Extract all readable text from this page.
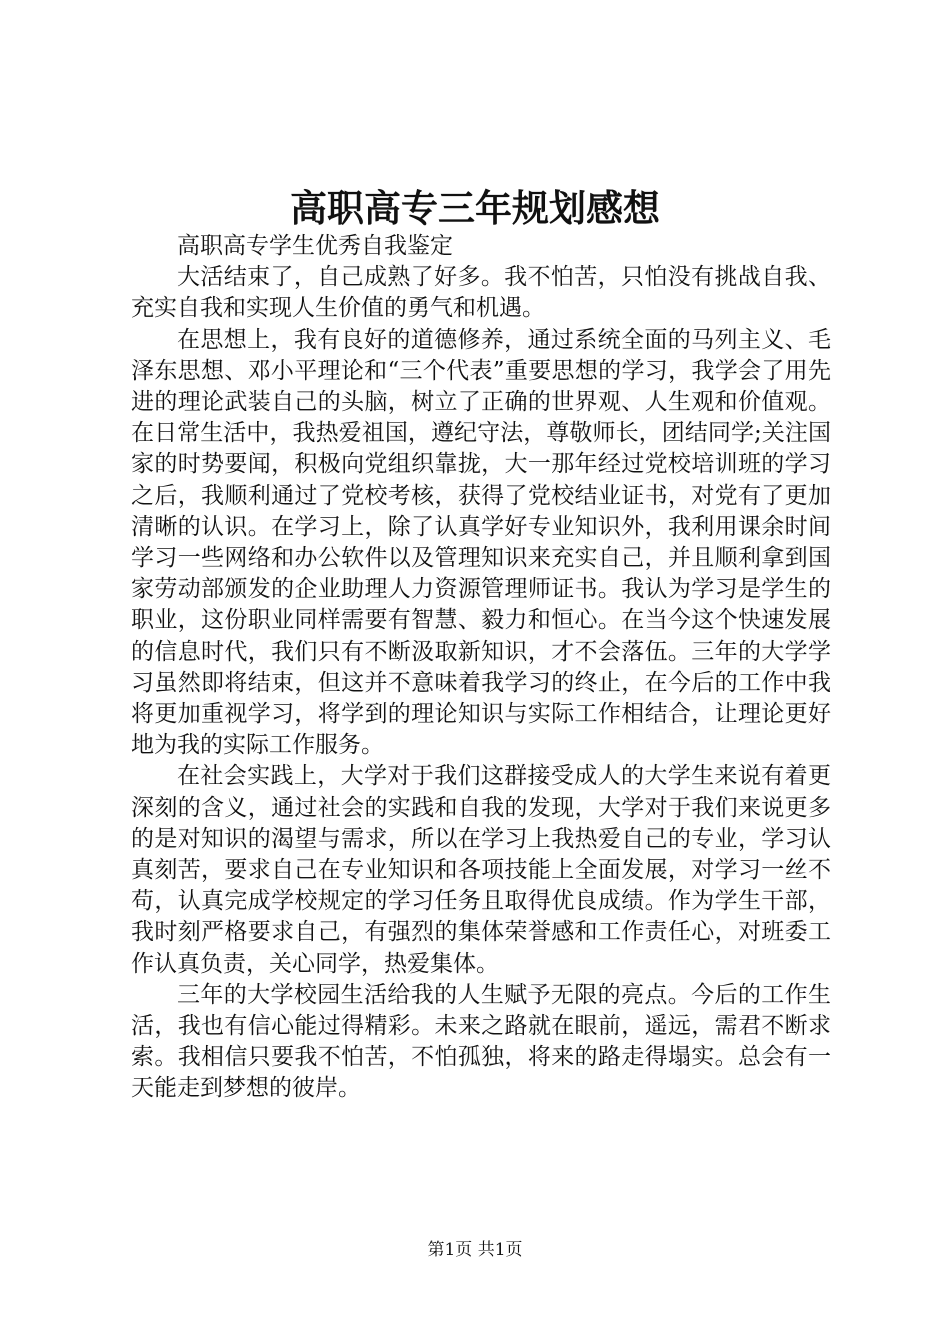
高职高专三年规划感想

高职高专学生优秀自我鉴定

大活结束了，自己成熟了好多。我不怕苦，只怕没有挑战自我、充实自我和实现人生价值的勇气和机遇。

在思想上，我有良好的道德修养，通过系统全面的马列主义、毛泽东思想、邓小平理论和“三个代表”重要思想的学习，我学会了用先进的理论武装自己的头脑，树立了正确的世界观、人生观和价值观。在日常生活中，我热爱祖国，遵纪守法，尊敬师长，团结同学;关注国家的时势要闻，积极向党组织靠拢，大一那年经过党校培训班的学习之后，我顺利通过了党校考核，获得了党校结业证书，对党有了更加清晰的认识。在学习上，除了认真学好专业知识外，我利用课余时间学习一些网络和办公软件以及管理知识来充实自己，并且顺利拿到国家劳动部颁发的企业助理人力资源管理师证书。我认为学习是学生的职业，这份职业同样需要有智慧、毅力和恒心。在当今这个快速发展的信息时代，我们只有不断汲取新知识，才不会落伍。三年的大学学习虽然即将结束，但这并不意味着我学习的终止，在今后的工作中我将更加重视学习，将学到的理论知识与实际工作相结合，让理论更好地为我的实际工作服务。

在社会实践上，大学对于我们这群接受成人的大学生来说有着更深刻的含义，通过社会的实践和自我的发现，大学对于我们来说更多的是对知识的渴望与需求，所以在学习上我热爱自己的专业，学习认真刻苦，要求自己在专业知识和各项技能上全面发展，对学习一丝不苟，认真完成学校规定的学习任务且取得优良成绩。作为学生干部，我时刻严格要求自己，有强烈的集体荣誉感和工作责任心，对班委工作认真负责，关心同学，热爱集体。

三年的大学校园生活给我的人生赋予无限的亮点。今后的工作生活，我也有信心能过得精彩。未来之路就在眼前，遥远，需君不断求索。我相信只要我不怕苦，不怕孤独，将来的路走得塌实。总会有一天能走到梦想的彼岸。

第1页 共1页
